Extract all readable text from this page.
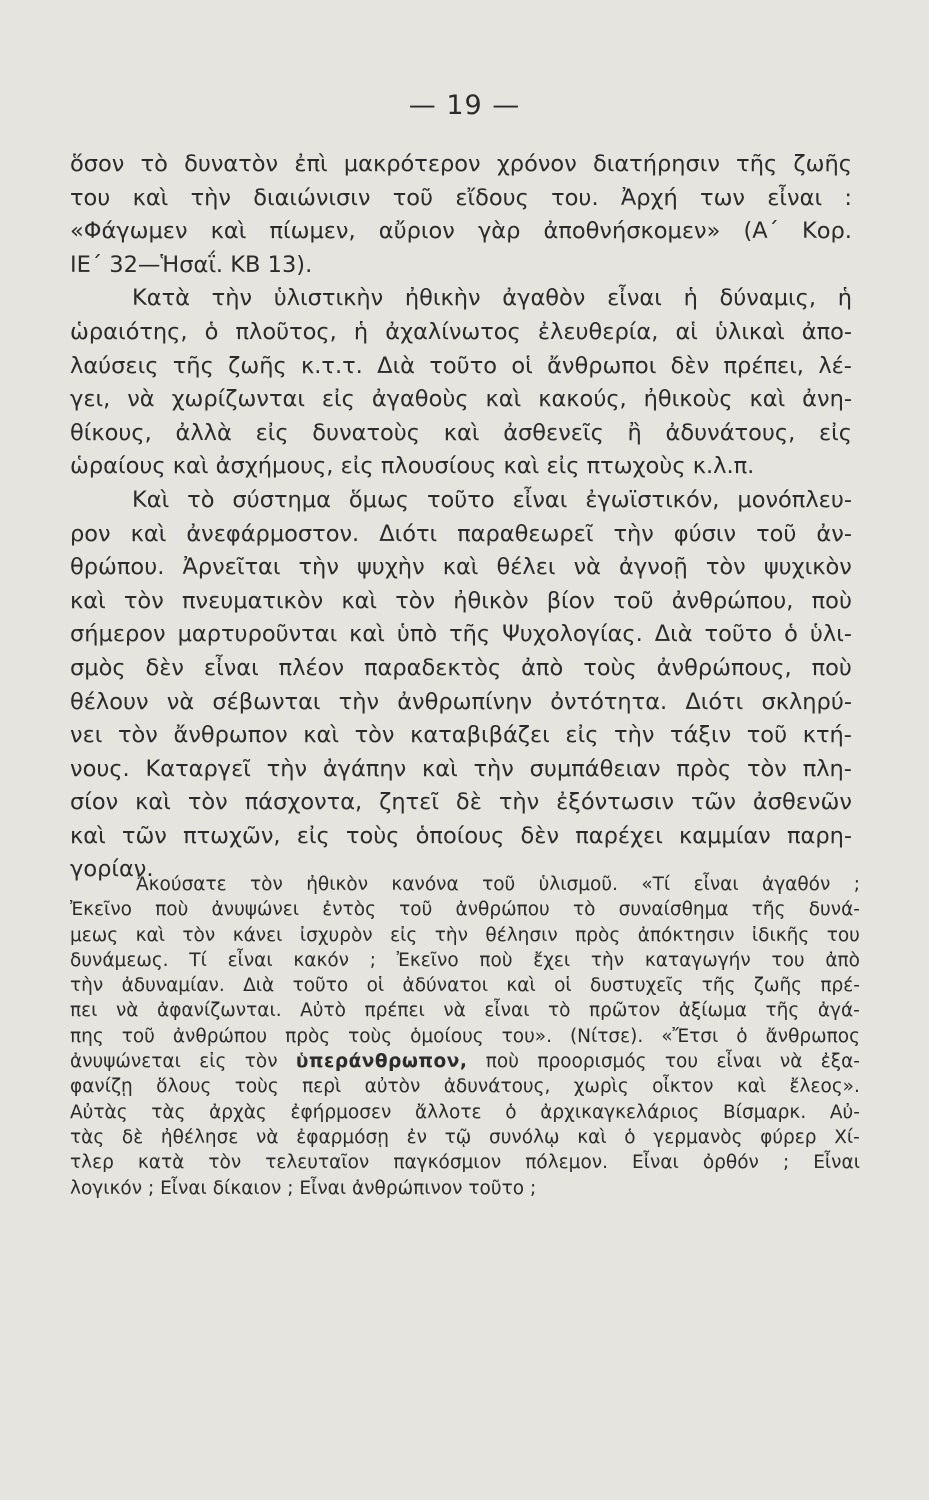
— 19 —
ὅσον τὸ δυνατὸν ἐπὶ μακρότερον χρόνον διατήρησιν τῆς ζωῆς
του καὶ τὴν διαιώνισιν τοῦ εἴδους του. Ἀρχή των εἶναι :
«Φάγωμεν καὶ πίωμεν, αὔριον γὰρ ἀποθνήσκομεν» (Α΄ Κορ.
ΙΕ΄ 32—Ἡσαΐ. ΚΒ 13).
Κατὰ τὴν ὑλιστικὴν ἠθικὴν ἀγαθὸν εἶναι ἡ δύναμις, ἡ
ὡραιότης, ὁ πλοῦτος, ἡ ἀχαλίνωτος ἐλευθερία, αἱ ὑλικαὶ ἀπο-
λαύσεις τῆς ζωῆς κ.τ.τ. Διὰ τοῦτο οἱ ἄνθρωποι δὲν πρέπει, λέ-
γει, νὰ χωρίζωνται εἰς ἀγαθοὺς καὶ κακούς, ἠθικοὺς καὶ ἀνη-
θίκους, ἀλλὰ εἰς δυνατοὺς καὶ ἀσθενεῖς ἢ ἀδυνάτους, εἰς
ὡραίους καὶ ἀσχήμους, εἰς πλουσίους καὶ εἰς πτωχοὺς κ.λ.π.
Καὶ τὸ σύστημα ὅμως τοῦτο εἶναι ἐγωϊστικόν, μονόπλευ-
ρον καὶ ἀνεφάρμοστον. Διότι παραθεωρεῖ τὴν φύσιν τοῦ ἀν-
θρώπου. Ἀρνεῖται τὴν ψυχὴν καὶ θέλει νὰ ἀγνοῇ τὸν ψυχικὸν
καὶ τὸν πνευματικὸν καὶ τὸν ἠθικὸν βίον τοῦ ἀνθρώπου, ποὺ
σήμερον μαρτυροῦνται καὶ ὑπὸ τῆς Ψυχολογίας. Διὰ τοῦτο ὁ ὑλι-
σμὸς δὲν εἶναι πλέον παραδεκτὸς ἀπὸ τοὺς ἀνθρώπους, ποὺ
θέλουν νὰ σέβωνται τὴν ἀνθρωπίνην ὀντότητα. Διότι σκληρύ-
νει τὸν ἄνθρωπον καὶ τὸν καταβιβάζει εἰς τὴν τάξιν τοῦ κτή-
νους. Καταργεῖ τὴν ἀγάπην καὶ τὴν συμπάθειαν πρὸς τὸν πλη-
σίον καὶ τὸν πάσχοντα, ζητεῖ δὲ τὴν ἐξόντωσιν τῶν ἀσθενῶν
καὶ τῶν πτωχῶν, εἰς τοὺς ὁποίους δὲν παρέχει καμμίαν παρη-
γορίαν.
Ἀκούσατε τὸν ἠθικὸν κανόνα τοῦ ὑλισμοῦ. «Τί εἶναι ἀγαθόν ;
Ἐκεῖνο ποὺ ἀνυψώνει ἐντὸς τοῦ ἀνθρώπου τὸ συναίσθημα τῆς δυνά-
μεως καὶ τὸν κάνει ἰσχυρὸν εἰς τὴν θέλησιν πρὸς ἀπόκτησιν ἰδικῆς του
δυνάμεως. Τί εἶναι κακόν ; Ἐκεῖνο ποὺ ἔχει τὴν καταγωγήν του ἀπὸ
τὴν ἀδυναμίαν. Διὰ τοῦτο οἱ ἀδύνατοι καὶ οἱ δυστυχεῖς τῆς ζωῆς πρέ-
πει νὰ ἀφανίζωνται. Αὐτὸ πρέπει νὰ εἶναι τὸ πρῶτον ἀξίωμα τῆς ἀγά-
πης τοῦ ἀνθρώπου πρὸς τοὺς ὁμοίους του». (Νίτσε). «Ἔτσι ὁ ἄνθρωπος
ἀνυψώνεται εἰς τὸν ὑπεράνθρωπον, ποὺ προορισμός του εἶναι νὰ ἐξα-
φανίζῃ ὅλους τοὺς περὶ αὐτὸν ἀδυνάτους, χωρὶς οἶκτον καὶ ἔλεος».
Αὐτὰς τὰς ἀρχὰς ἐφήρμοσεν ἄλλοτε ὁ ἀρχικαγκελάριος Βίσμαρκ. Αὐ-
τὰς δὲ ἠθέλησε νὰ ἐφαρμόσῃ ἐν τῷ συνόλῳ καὶ ὁ γερμανὸς φύρερ Χί-
τλερ κατὰ τὸν τελευταῖον παγκόσμιον πόλεμον. Εἶναι ὀρθόν ; Εἶναι
λογικόν ; Εἶναι δίκαιον ; Εἶναι ἀνθρώπινον τοῦτο ;
